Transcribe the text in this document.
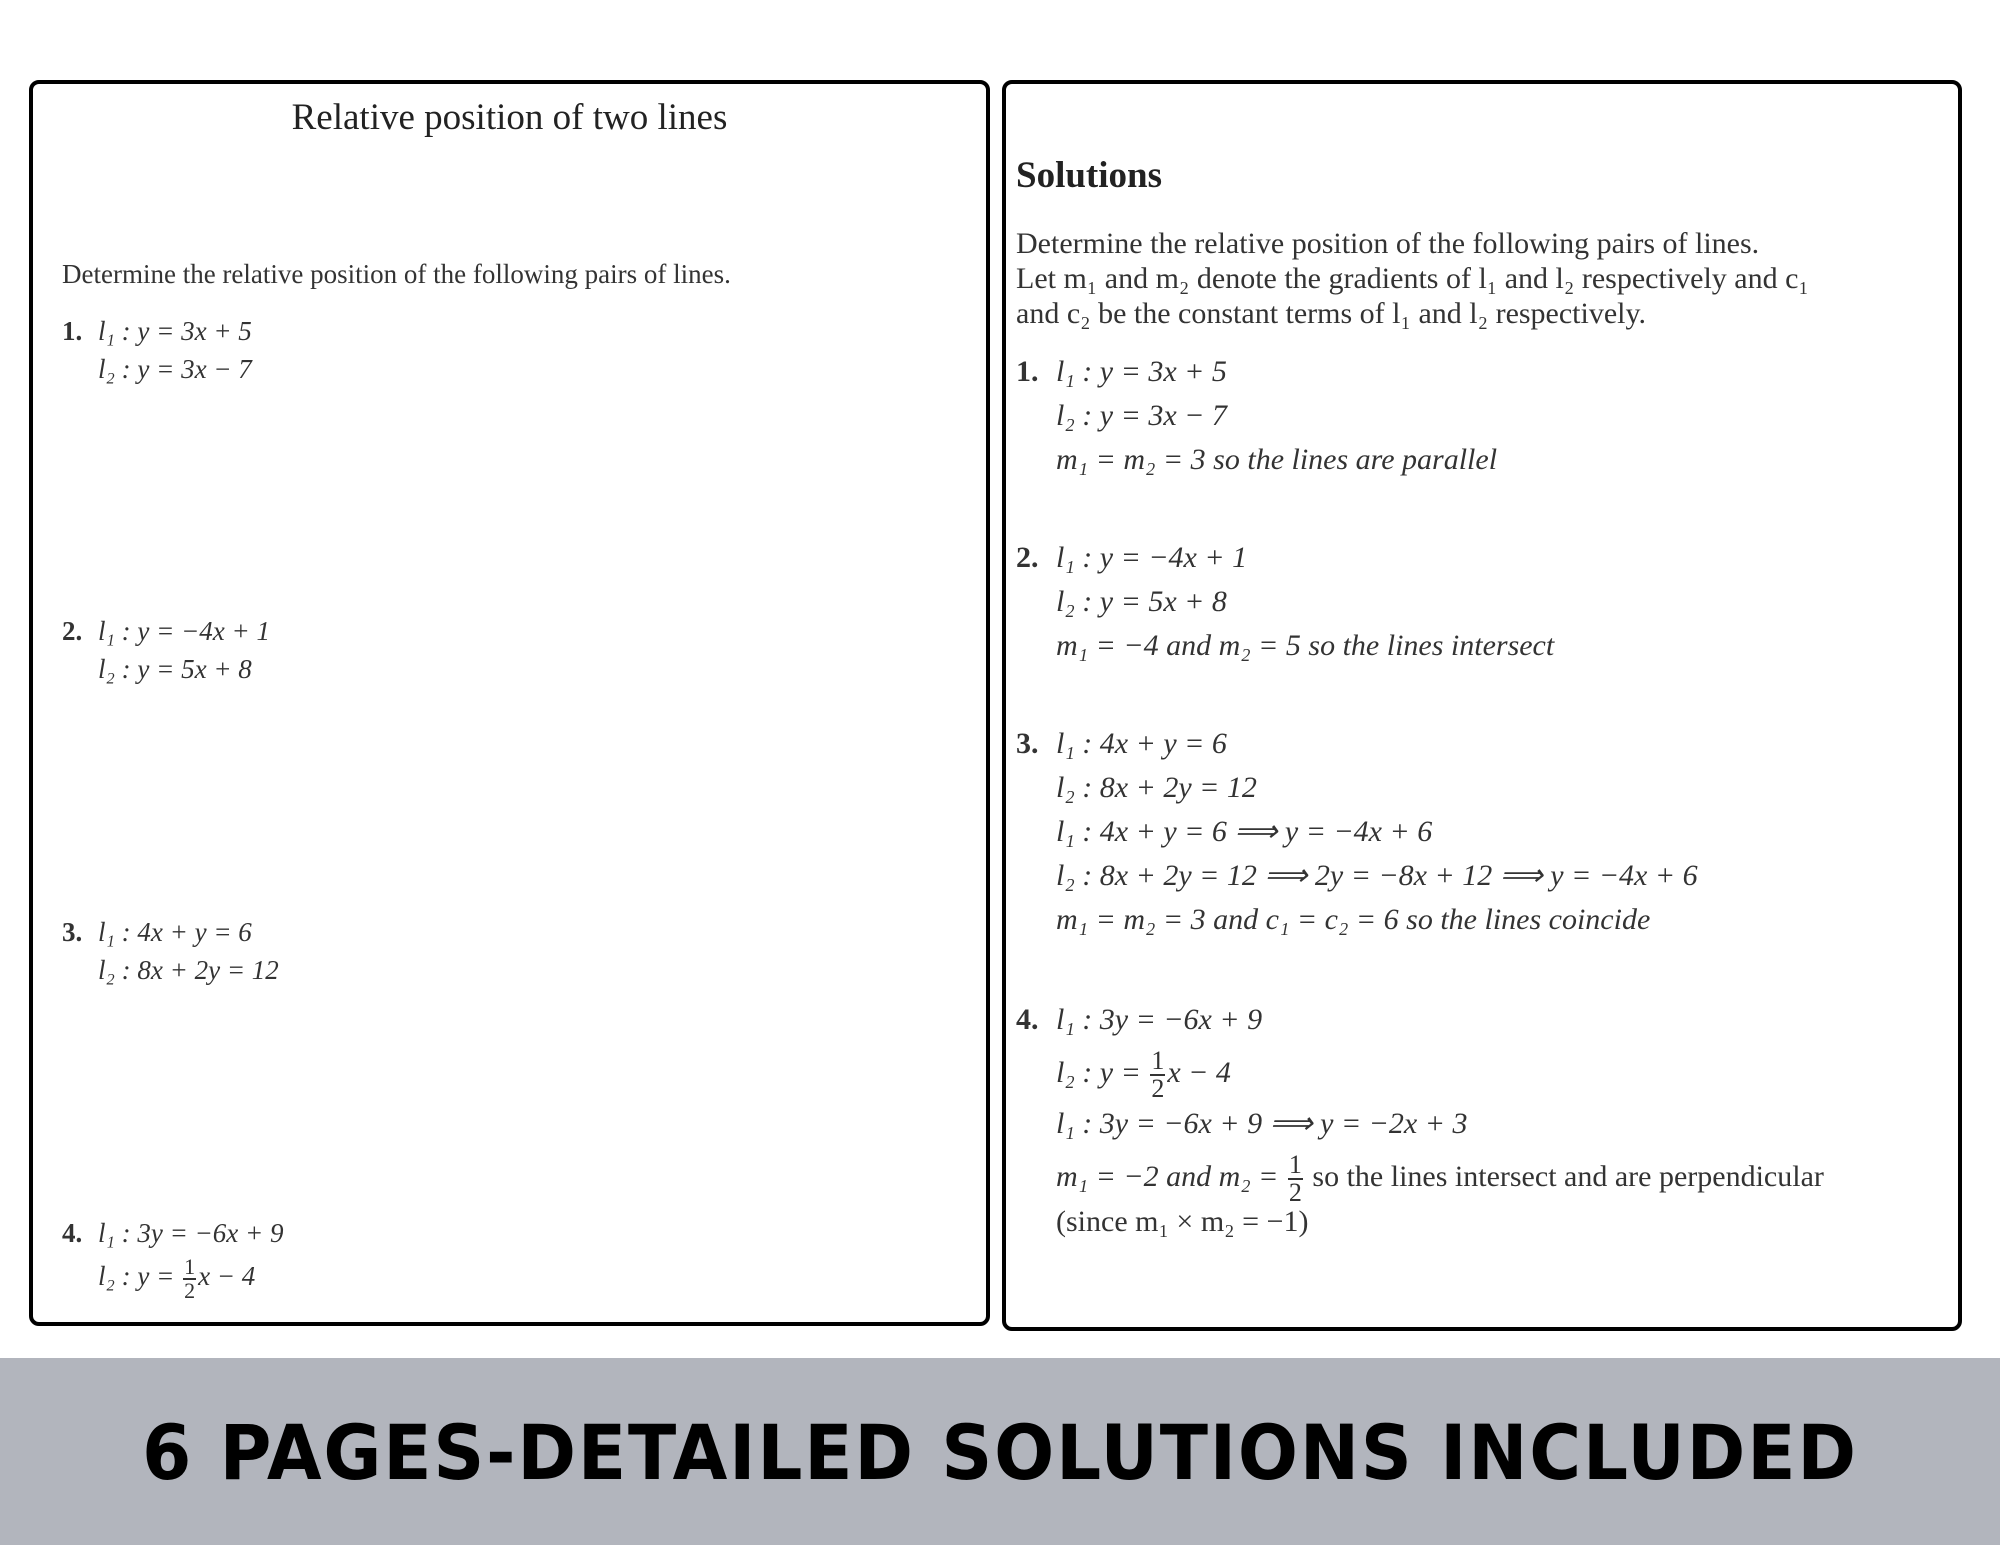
Relative position of two lines
Determine the relative position of the following pairs of lines.
1. l₁ : y = 3x + 5
l₂ : y = 3x − 7
2. l₁ : y = −4x + 1
l₂ : y = 5x + 8
3. l₁ : 4x + y = 6
l₂ : 8x + 2y = 12
4. l₁ : 3y = −6x + 9
l₂ : $y = \frac{1}{2}$ x − 4
Solutions
Determine the relative position of the following pairs of lines.
Let m₁ and m₂ denote the gradients of l₁ and l₂ respectively and c₁
and c₂ be the constant terms of l₁ and l₂ respectively.
1. l₁ : y = 3x + 5
l₂ : y = 3x − 7
m₁ = m₂ = 3 so the lines are parallel
2. l₁ : y = −4x + 1
l₂ : y = 5x + 8
m₁ = −4 and m₂ = 5 so the lines intersect
3. l₁ : 4x + y = 6
l₂ : 8x + 2y = 12
l₁ : 4x + y = 6 ⟹ y = −4x + 6
l₂ : 8x + 2y = 12 ⟹ 2y = −8x + 12 ⟹ y = −4x + 6
m₁ = m₂ = 3 and c₁ = c₂ = 6 so the lines coincide
4. l₁ : 3y = −6x + 9
l₂ : $y = \frac{1}{2}$ x − 4
l₁ : 3y = −6x + 9 ⟹ y = −2x + 3
m₁ = −2 and $m_2 = \frac{1}{2}$ so the lines intersect and are perpendicular
(since m₁ × m₂ = −1)
6 PAGES-DETAILED SOLUTIONS INCLUDED
